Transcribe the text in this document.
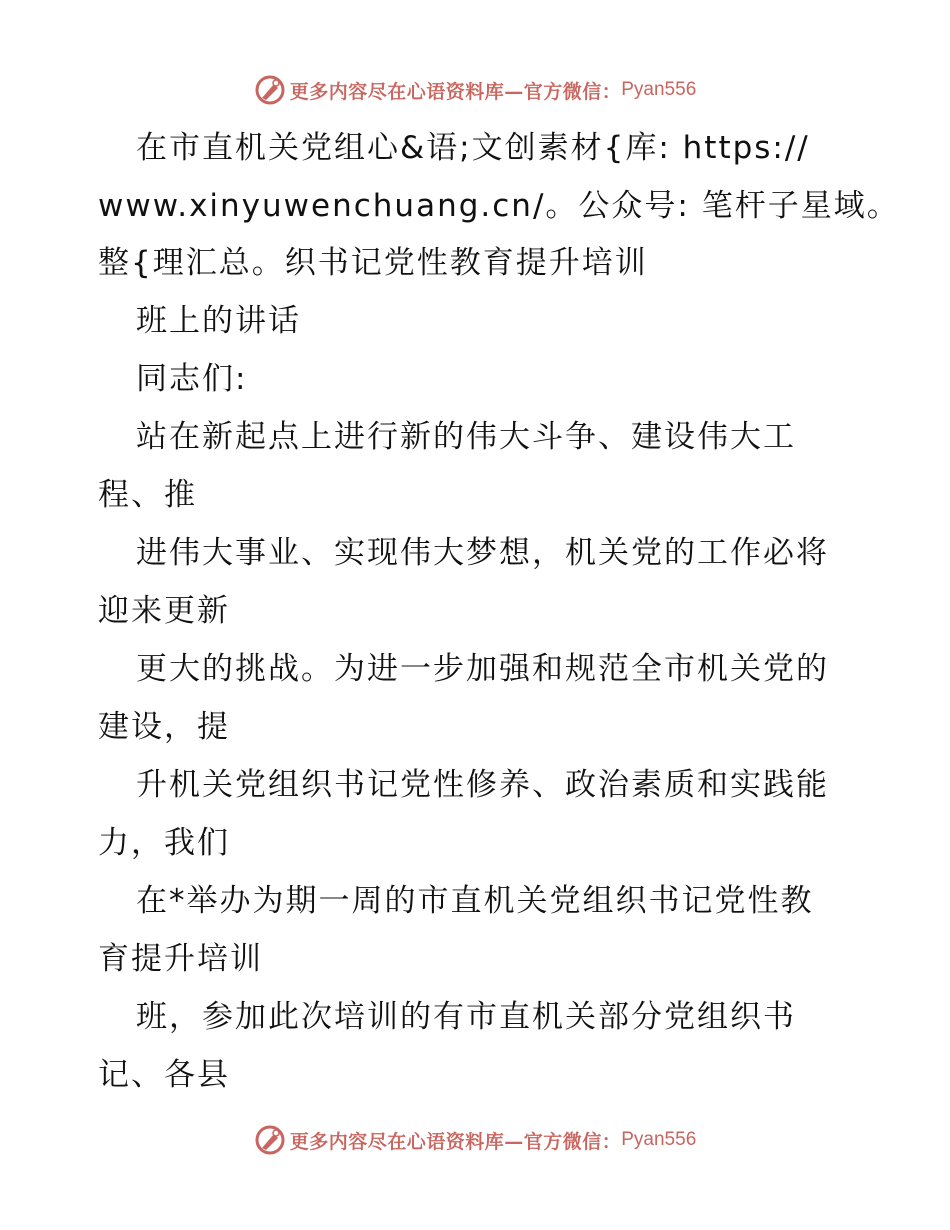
更多内容尽在心语资料库—官方微信： Pyan556
在市直机关党组心&语;文创素材{库: https://
www.xinyuwenchuang.cn/。公众号: 笔杆子星域。
整{理汇总。织书记党性教育提升培训
班上的讲话
同志们:
站在新起点上进行新的伟大斗争、建设伟大工
程、推
进伟大事业、实现伟大梦想，机关党的工作必将
迎来更新
更大的挑战。为进一步加强和规范全市机关党的
建设，提
升机关党组织书记党性修养、政治素质和实践能
力，我们
在*举办为期一周的市直机关党组织书记党性教
育提升培训
班，参加此次培训的有市直机关部分党组织书
记、各县
更多内容尽在心语资料库—官方微信： Pyan556
